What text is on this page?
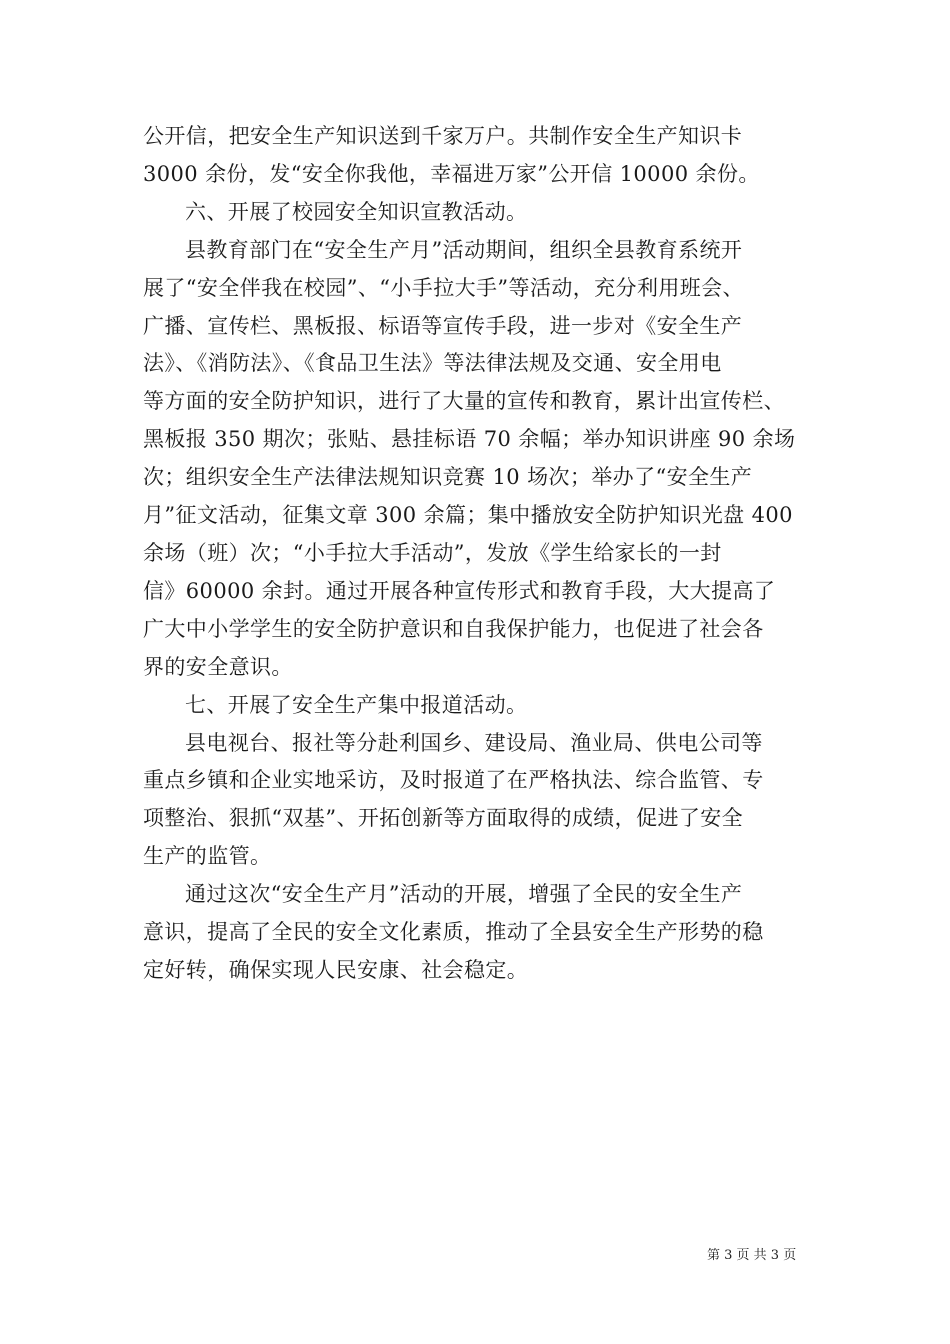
公开信，把安全生产知识送到千家万户。共制作安全生产知识卡
3000 余份，发“安全你我他，幸福进万家”公开信 10000 余份。

六、开展了校园安全知识宣教活动。

县教育部门在“安全生产月”活动期间，组织全县教育系统开
展了“安全伴我在校园”、“小手拉大手”等活动，充分利用班会、
广播、宣传栏、黑板报、标语等宣传手段，进一步对《安全生产
法》、《消防法》、《食品卫生法》等法律法规及交通、安全用电
等方面的安全防护知识，进行了大量的宣传和教育，累计出宣传栏、
黑板报 350 期次；张贴、悬挂标语 70 余幅；举办知识讲座 90 余场
次；组织安全生产法律法规知识竞赛 10 场次；举办了“安全生产
月”征文活动，征集文章 300 余篇；集中播放安全防护知识光盘 400
余场（班）次；“小手拉大手活动”，发放《学生给家长的一封
信》60000 余封。通过开展各种宣传形式和教育手段，大大提高了
广大中小学学生的安全防护意识和自我保护能力，也促进了社会各
界的安全意识。

七、开展了安全生产集中报道活动。

县电视台、报社等分赴利国乡、建设局、渔业局、供电公司等
重点乡镇和企业实地采访，及时报道了在严格执法、综合监管、专
项整治、狠抓“双基”、开拓创新等方面取得的成绩，促进了安全
生产的监管。

通过这次“安全生产月”活动的开展，增强了全民的安全生产
意识，提高了全民的安全文化素质，推动了全县安全生产形势的稳
定好转，确保实现人民安康、社会稳定。

第 3 页 共 3 页
